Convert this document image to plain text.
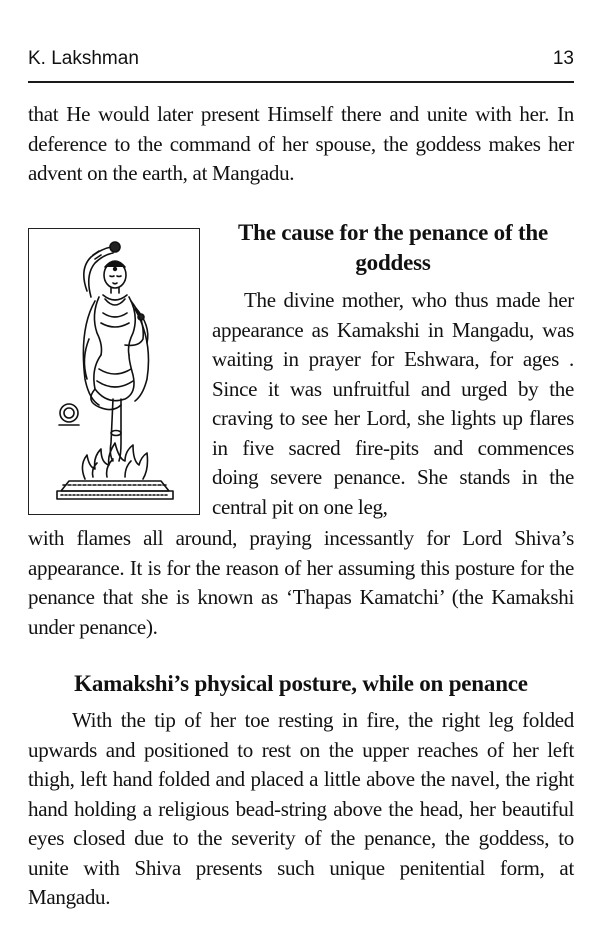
K. Lakshman	13

that He would later present Himself there and unite with her. In deference to the command of her spouse, the goddess makes her advent on the earth, at Mangadu.

The cause for the penance of the goddess

The divine mother, who thus made her appearance as Kamakshi in Mangadu, was waiting in prayer for Eshwara, for ages . Since it was unfruitful and urged by the craving to see her Lord, she lights up flares in five sacred fire-pits and commences doing severe penance. She stands in the central pit on one leg,

with flames all around, praying incessantly for Lord Shiva’s appearance. It is for the reason of her assuming this posture for the penance that she is known as ‘Thapas Kamatchi’ (the Kamakshi under penance).

Kamakshi’s physical posture, while on penance

With the tip of her toe resting in fire, the right leg folded upwards and positioned to rest on the upper reaches of her left thigh, left hand folded and placed a little above the navel, the right hand holding a religious bead-string above the head, her beautiful eyes closed due to the severity of the penance, the goddess, to unite with Shiva presents such unique penitential form, at Mangadu.
